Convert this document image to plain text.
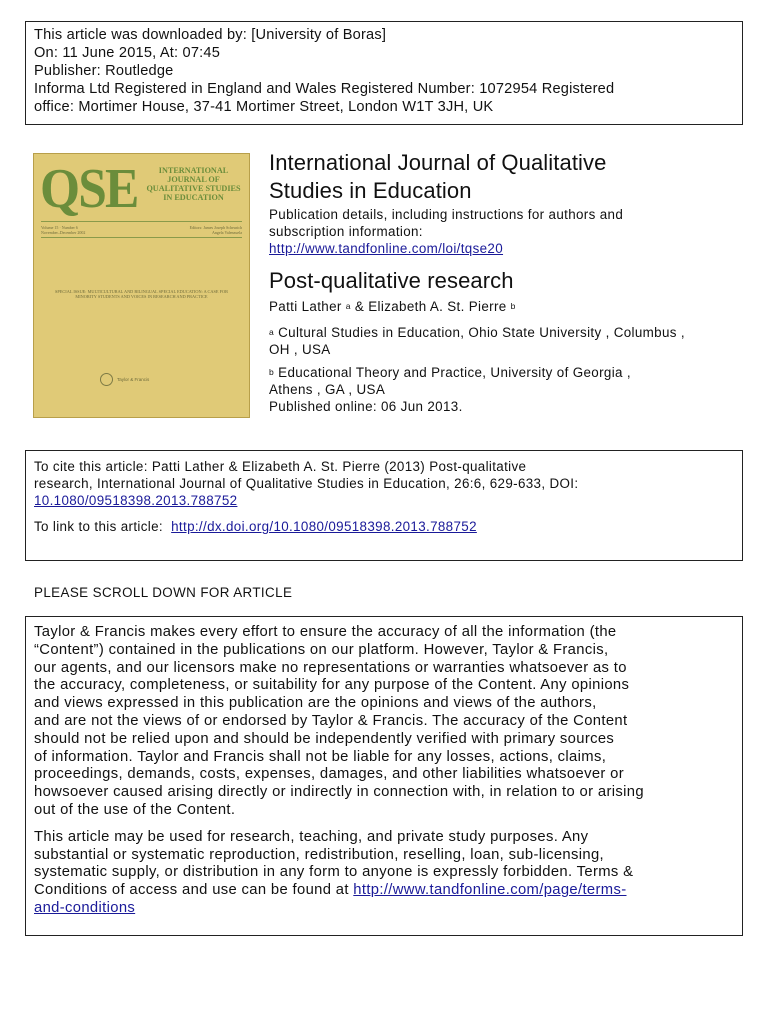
This article was downloaded by: [University of Boras]
On: 11 June 2015, At: 07:45
Publisher: Routledge
Informa Ltd Registered in England and Wales Registered Number: 1072954 Registered
office: Mortimer House, 37-41 Mortimer Street, London W1T 3JH, UK
QSE	INTERNATIONAL JOURNAL OF QUALITATIVE STUDIES IN EDUCATION
Volume 15 · Number 6
November–December 2002
Editors: James Joseph Scheurich
Angela Valenzuela
SPECIAL ISSUE: MULTICULTURAL AND BILINGUAL SPECIAL EDUCATION: A CASE FOR MINORITY STUDENTS AND VOICES IN RESEARCH AND PRACTICE
Taylor & Francis
International Journal of Qualitative
Studies in Education
Publication details, including instructions for authors and
subscription information:
http://www.tandfonline.com/loi/tqse20
Post-qualitative research
Patti Lather $^a$ & Elizabeth A. St. Pierre $^b$
$^a$ Cultural Studies in Education, Ohio State University , Columbus ,
OH , USA
$^b$ Educational Theory and Practice, University of Georgia ,
Athens , GA , USA
Published online: 06 Jun 2013.
To cite this article: Patti Lather & Elizabeth A. St. Pierre (2013) Post-qualitative
research, International Journal of Qualitative Studies in Education, 26:6, 629-633, DOI:
10.1080/09518398.2013.788752
To link to this article: http://dx.doi.org/10.1080/09518398.2013.788752
PLEASE SCROLL DOWN FOR ARTICLE
Taylor & Francis makes every effort to ensure the accuracy of all the information (the
“Content”) contained in the publications on our platform. However, Taylor & Francis,
our agents, and our licensors make no representations or warranties whatsoever as to
the accuracy, completeness, or suitability for any purpose of the Content. Any opinions
and views expressed in this publication are the opinions and views of the authors,
and are not the views of or endorsed by Taylor & Francis. The accuracy of the Content
should not be relied upon and should be independently verified with primary sources
of information. Taylor and Francis shall not be liable for any losses, actions, claims,
proceedings, demands, costs, expenses, damages, and other liabilities whatsoever or
howsoever caused arising directly or indirectly in connection with, in relation to or arising
out of the use of the Content.
This article may be used for research, teaching, and private study purposes. Any
substantial or systematic reproduction, redistribution, reselling, loan, sub-licensing,
systematic supply, or distribution in any form to anyone is expressly forbidden. Terms &
Conditions of access and use can be found at http://www.tandfonline.com/page/terms-
and-conditions
